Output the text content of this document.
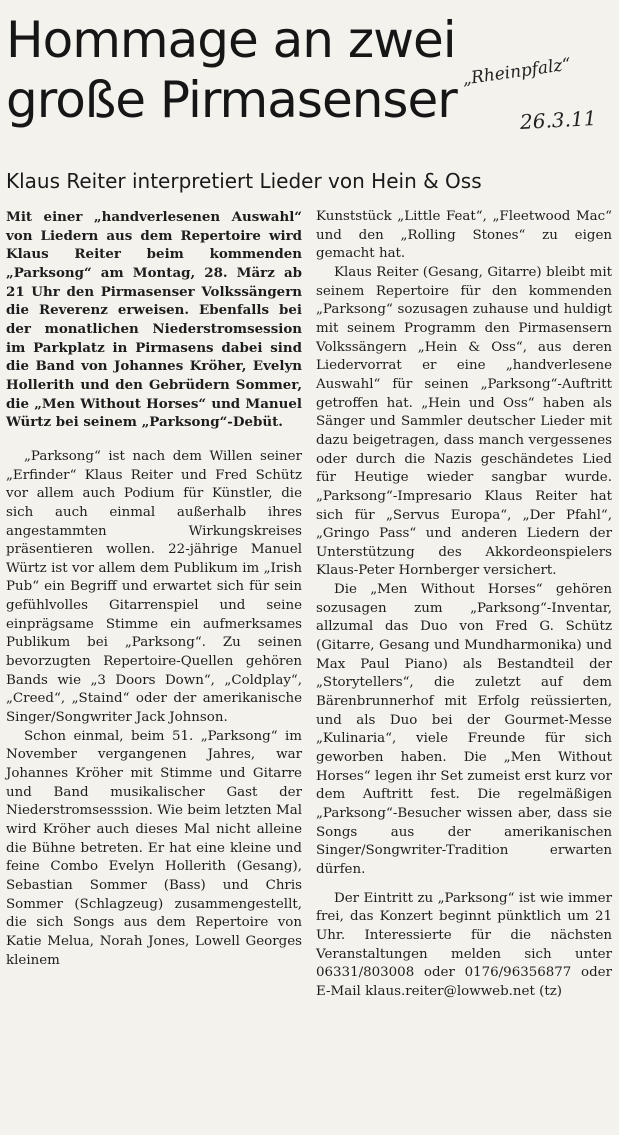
Hommage an zwei
große Pirmasenser „Rheinpfalz“

26.3.11

Klaus Reiter interpretiert Lieder von Hein & Oss

Mit einer „handverlesenen Auswahl“ von Liedern aus dem Repertoire wird Klaus Reiter beim kommenden „Parksong“ am Montag, 28. März ab 21 Uhr den Pirmasenser Volkssängern die Reverenz erweisen. Ebenfalls bei der monatlichen Niederstromsession im Parkplatz in Pirmasens dabei sind die Band von Johannes Kröher, Evelyn Hollerith und den Gebrüdern Sommer, die „Men Without Horses“ und Manuel Würtz bei seinem „Parksong“-Debüt.

„Parksong“ ist nach dem Willen seiner „Erfinder“ Klaus Reiter und Fred Schütz vor allem auch Podium für Künstler, die sich auch einmal außerhalb ihres angestammten Wirkungskreises präsentieren wollen. 22-jährige Manuel Würtz ist vor allem dem Publikum im „Irish Pub“ ein Begriff und erwartet sich für sein gefühlvolles Gitarrenspiel und seine einprägsame Stimme ein aufmerksames Publikum bei „Parksong“. Zu seinen bevorzugten Repertoire-Quellen gehören Bands wie „3 Doors Down“, „Coldplay“, „Creed“, „Staind“ oder der amerikanische Singer/Songwriter Jack Johnson.

Schon einmal, beim 51. „Parksong“ im November vergangenen Jahres, war Johannes Kröher mit Stimme und Gitarre und Band musikalischer Gast der Niederstromsesssion. Wie beim letzten Mal wird Kröher auch dieses Mal nicht alleine die Bühne betreten. Er hat eine kleine und feine Combo Evelyn Hollerith (Gesang), Sebastian Sommer (Bass) und Chris Sommer (Schlagzeug) zusammengestellt, die sich Songs aus dem Repertoire von Katie Melua, Norah Jones, Lowell Georges kleinem

Kunststück „Little Feat“, „Fleetwood Mac“ und den „Rolling Stones“ zu eigen gemacht hat.

Klaus Reiter (Gesang, Gitarre) bleibt mit seinem Repertoire für den kommenden „Parksong“ sozusagen zuhause und huldigt mit seinem Programm den Pirmasensern Volkssängern „Hein & Oss“, aus deren Liedervorrat er eine „handverlesene Auswahl“ für seinen „Parksong“-Auftritt getroffen hat. „Hein und Oss“ haben als Sänger und Sammler deutscher Lieder mit dazu beigetragen, dass manch vergessenes oder durch die Nazis geschändetes Lied für Heutige wieder sangbar wurde. „Parksong“-Impresario Klaus Reiter hat sich für „Servus Europa“, „Der Pfahl“, „Gringo Pass“ und anderen Liedern der Unterstützung des Akkordeonspielers Klaus-Peter Hornberger versichert.

Die „Men Without Horses“ gehören sozusagen zum „Parksong“-Inventar, allzumal das Duo von Fred G. Schütz (Gitarre, Gesang und Mundharmonika) und Max Paul Piano) als Bestandteil der „Storytellers“, die zuletzt auf dem Bärenbrunnerhof mit Erfolg reüssierten, und als Duo bei der Gourmet-Messe „Kulinaria“, viele Freunde für sich geworben haben. Die „Men Without Horses“ legen ihr Set zumeist erst kurz vor dem Auftritt fest. Die regelmäßigen „Parksong“-Besucher wissen aber, dass sie Songs aus der amerikanischen Singer/Songwriter-Tradition erwarten dürfen.

Der Eintritt zu „Parksong“ ist wie immer frei, das Konzert beginnt pünktlich um 21 Uhr. Interessierte für die nächsten Veranstaltungen melden sich unter 06331/803008 oder 0176/96356877 oder E-Mail klaus.reiter@lowweb.net (tz)
